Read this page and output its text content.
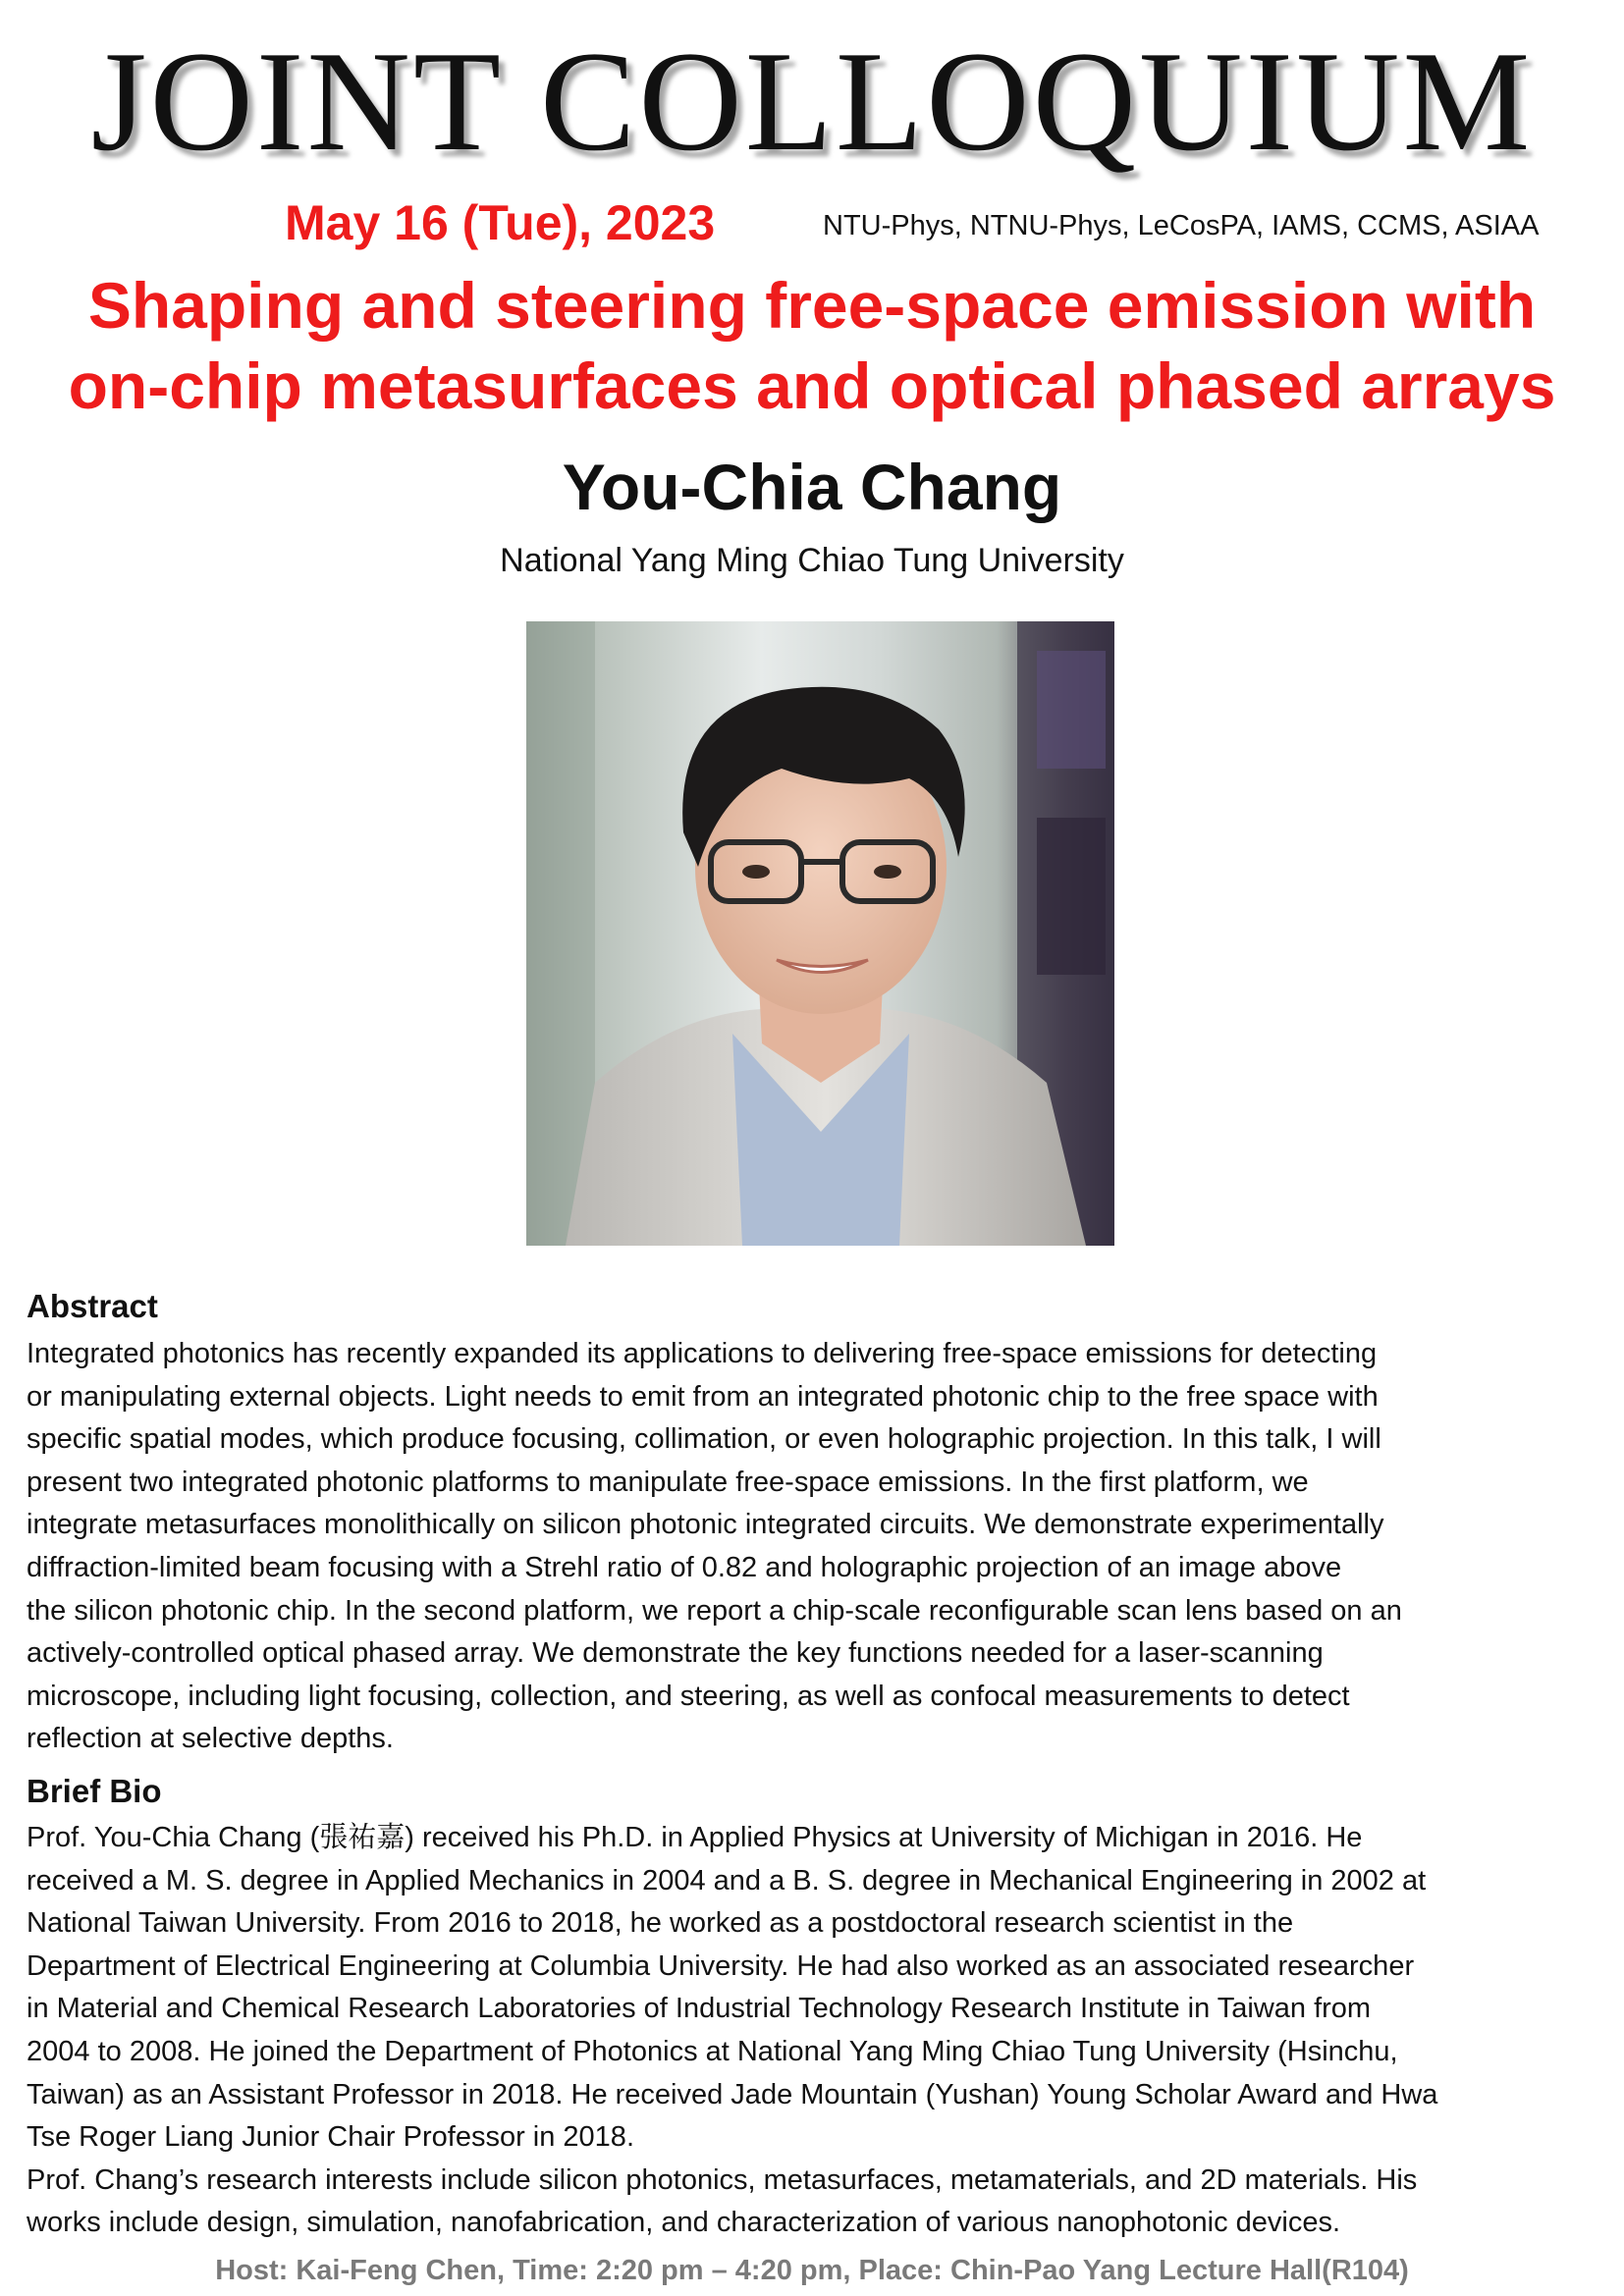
JOINT COLLOQUIUM
May 16 (Tue), 2023	NTU-Phys, NTNU-Phys, LeCosPA, IAMS, CCMS, ASIAA
Shaping and steering free-space emission with
on-chip metasurfaces and optical phased arrays
You-Chia Chang
National Yang Ming Chiao Tung University
Abstract
Integrated photonics has recently expanded its applications to delivering free-space emissions for detecting
or manipulating external objects. Light needs to emit from an integrated photonic chip to the free space with
specific spatial modes, which produce focusing, collimation, or even holographic projection. In this talk, I will
present two integrated photonic platforms to manipulate free-space emissions. In the first platform, we
integrate metasurfaces monolithically on silicon photonic integrated circuits. We demonstrate experimentally
diffraction-limited beam focusing with a Strehl ratio of 0.82 and holographic projection of an image above
the silicon photonic chip. In the second platform, we report a chip-scale reconfigurable scan lens based on an
actively-controlled optical phased array. We demonstrate the key functions needed for a laser-scanning
microscope, including light focusing, collection, and steering, as well as confocal measurements to detect
reflection at selective depths.
Brief Bio
Prof. You-Chia Chang (張祐嘉) received his Ph.D. in Applied Physics at University of Michigan in 2016. He
received a M. S. degree in Applied Mechanics in 2004 and a B. S. degree in Mechanical Engineering in 2002 at
National Taiwan University. From 2016 to 2018, he worked as a postdoctoral research scientist in the
Department of Electrical Engineering at Columbia University. He had also worked as an associated researcher
in Material and Chemical Research Laboratories of Industrial Technology Research Institute in Taiwan from
2004 to 2008. He joined the Department of Photonics at National Yang Ming Chiao Tung University (Hsinchu,
Taiwan) as an Assistant Professor in 2018. He received Jade Mountain (Yushan) Young Scholar Award and Hwa
Tse Roger Liang Junior Chair Professor in 2018.
Prof. Chang’s research interests include silicon photonics, metasurfaces, metamaterials, and 2D materials. His
works include design, simulation, nanofabrication, and characterization of various nanophotonic devices.
Host: Kai-Feng Chen, Time: 2:20 pm – 4:20 pm, Place: Chin-Pao Yang Lecture Hall(R104)
